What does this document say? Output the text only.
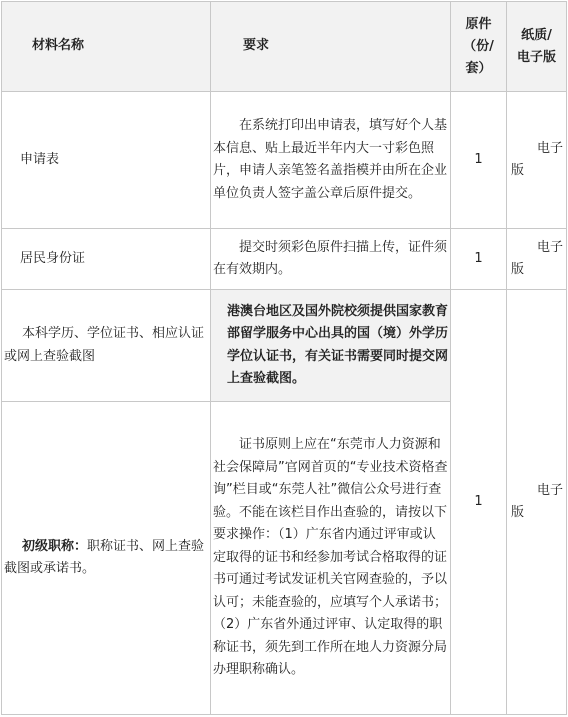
材料名称	要求	原件（份/套）	纸质/电子版
申请表	在系统打印出申请表，填写好个人基本信息、贴上最近半年内大一寸彩色照片，申请人亲笔签名盖指模并由所在企业单位负责人签字盖公章后原件提交。	1	电子版
居民身份证	提交时须彩色原件扫描上传，证件须在有效期内。	1	电子版
本科学历、学位证书、相应认证或网上查验截图	港澳台地区及国外院校须提供国家教育部留学服务中心出具的国（境）外学历学位认证书，有关证书需要同时提交网上查验截图。	1	电子版
初级职称：职称证书、网上查验截图或承诺书。	证书原则上应在“东莞市人力资源和社会保障局”官网首页的“专业技术资格查询”栏目或“东莞人社”微信公众号进行查验。不能在该栏目作出查验的，请按以下要求操作：（1）广东省内通过评审或认定取得的证书和经参加考试合格取得的证书可通过考试发证机关官网查验的，予以认可；未能查验的，应填写个人承诺书；（2）广东省外通过评审、认定取得的职称证书，须先到工作所在地人力资源分局办理职称确认。		
